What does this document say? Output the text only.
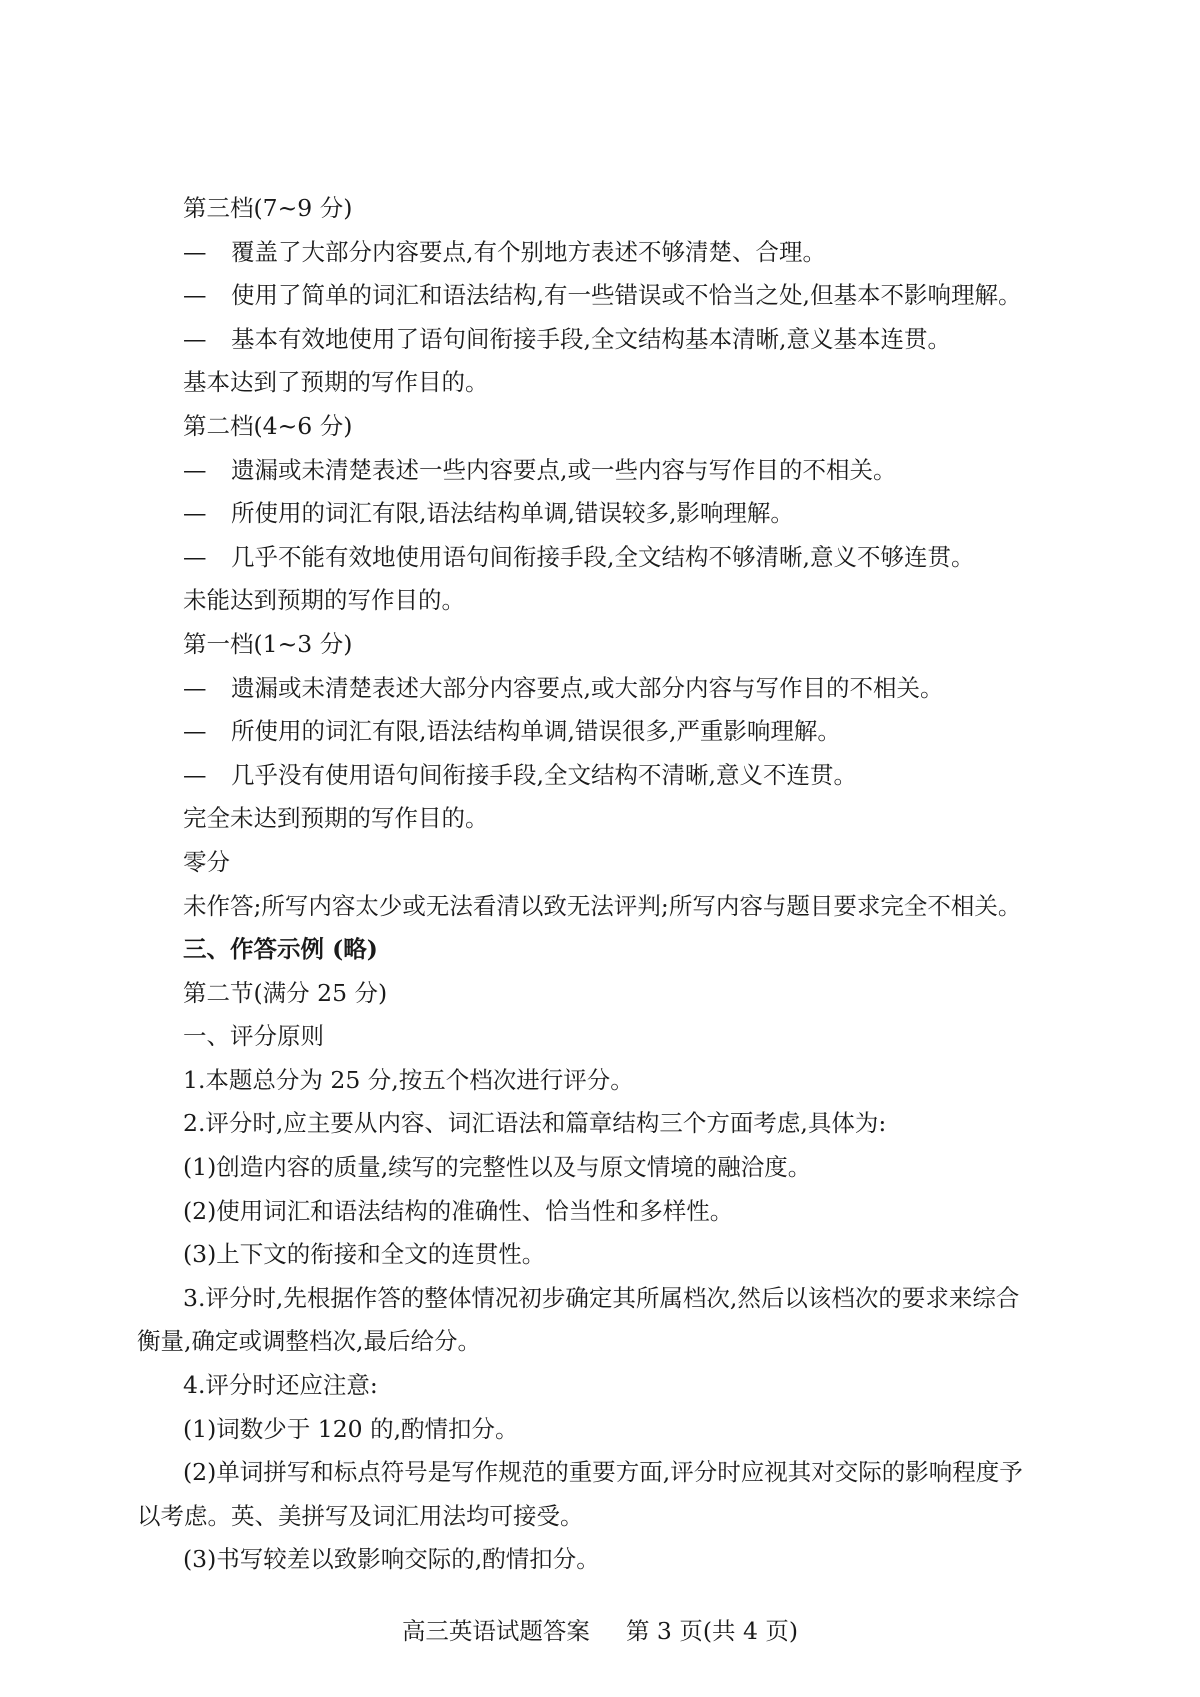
第三档(7~9 分)
— 覆盖了大部分内容要点,有个别地方表述不够清楚、合理。
— 使用了简单的词汇和语法结构,有一些错误或不恰当之处,但基本不影响理解。
— 基本有效地使用了语句间衔接手段,全文结构基本清晰,意义基本连贯。
基本达到了预期的写作目的。
第二档(4~6 分)
— 遗漏或未清楚表述一些内容要点,或一些内容与写作目的不相关。
— 所使用的词汇有限,语法结构单调,错误较多,影响理解。
— 几乎不能有效地使用语句间衔接手段,全文结构不够清晰,意义不够连贯。
未能达到预期的写作目的。
第一档(1~3 分)
— 遗漏或未清楚表述大部分内容要点,或大部分内容与写作目的不相关。
— 所使用的词汇有限,语法结构单调,错误很多,严重影响理解。
— 几乎没有使用语句间衔接手段,全文结构不清晰,意义不连贯。
完全未达到预期的写作目的。
零分
未作答;所写内容太少或无法看清以致无法评判;所写内容与题目要求完全不相关。
三、作答示例 (略)
第二节(满分 25 分)
一、评分原则
1.本题总分为 25 分,按五个档次进行评分。
2.评分时,应主要从内容、词汇语法和篇章结构三个方面考虑,具体为:
(1)创造内容的质量,续写的完整性以及与原文情境的融洽度。
(2)使用词汇和语法结构的准确性、恰当性和多样性。
(3)上下文的衔接和全文的连贯性。
3.评分时,先根据作答的整体情况初步确定其所属档次,然后以该档次的要求来综合
衡量,确定或调整档次,最后给分。
4.评分时还应注意:
(1)词数少于 120 的,酌情扣分。
(2)单词拼写和标点符号是写作规范的重要方面,评分时应视其对交际的影响程度予
以考虑。英、美拼写及词汇用法均可接受。
(3)书写较差以致影响交际的,酌情扣分。
高三英语试题答案 第 3 页(共 4 页)
